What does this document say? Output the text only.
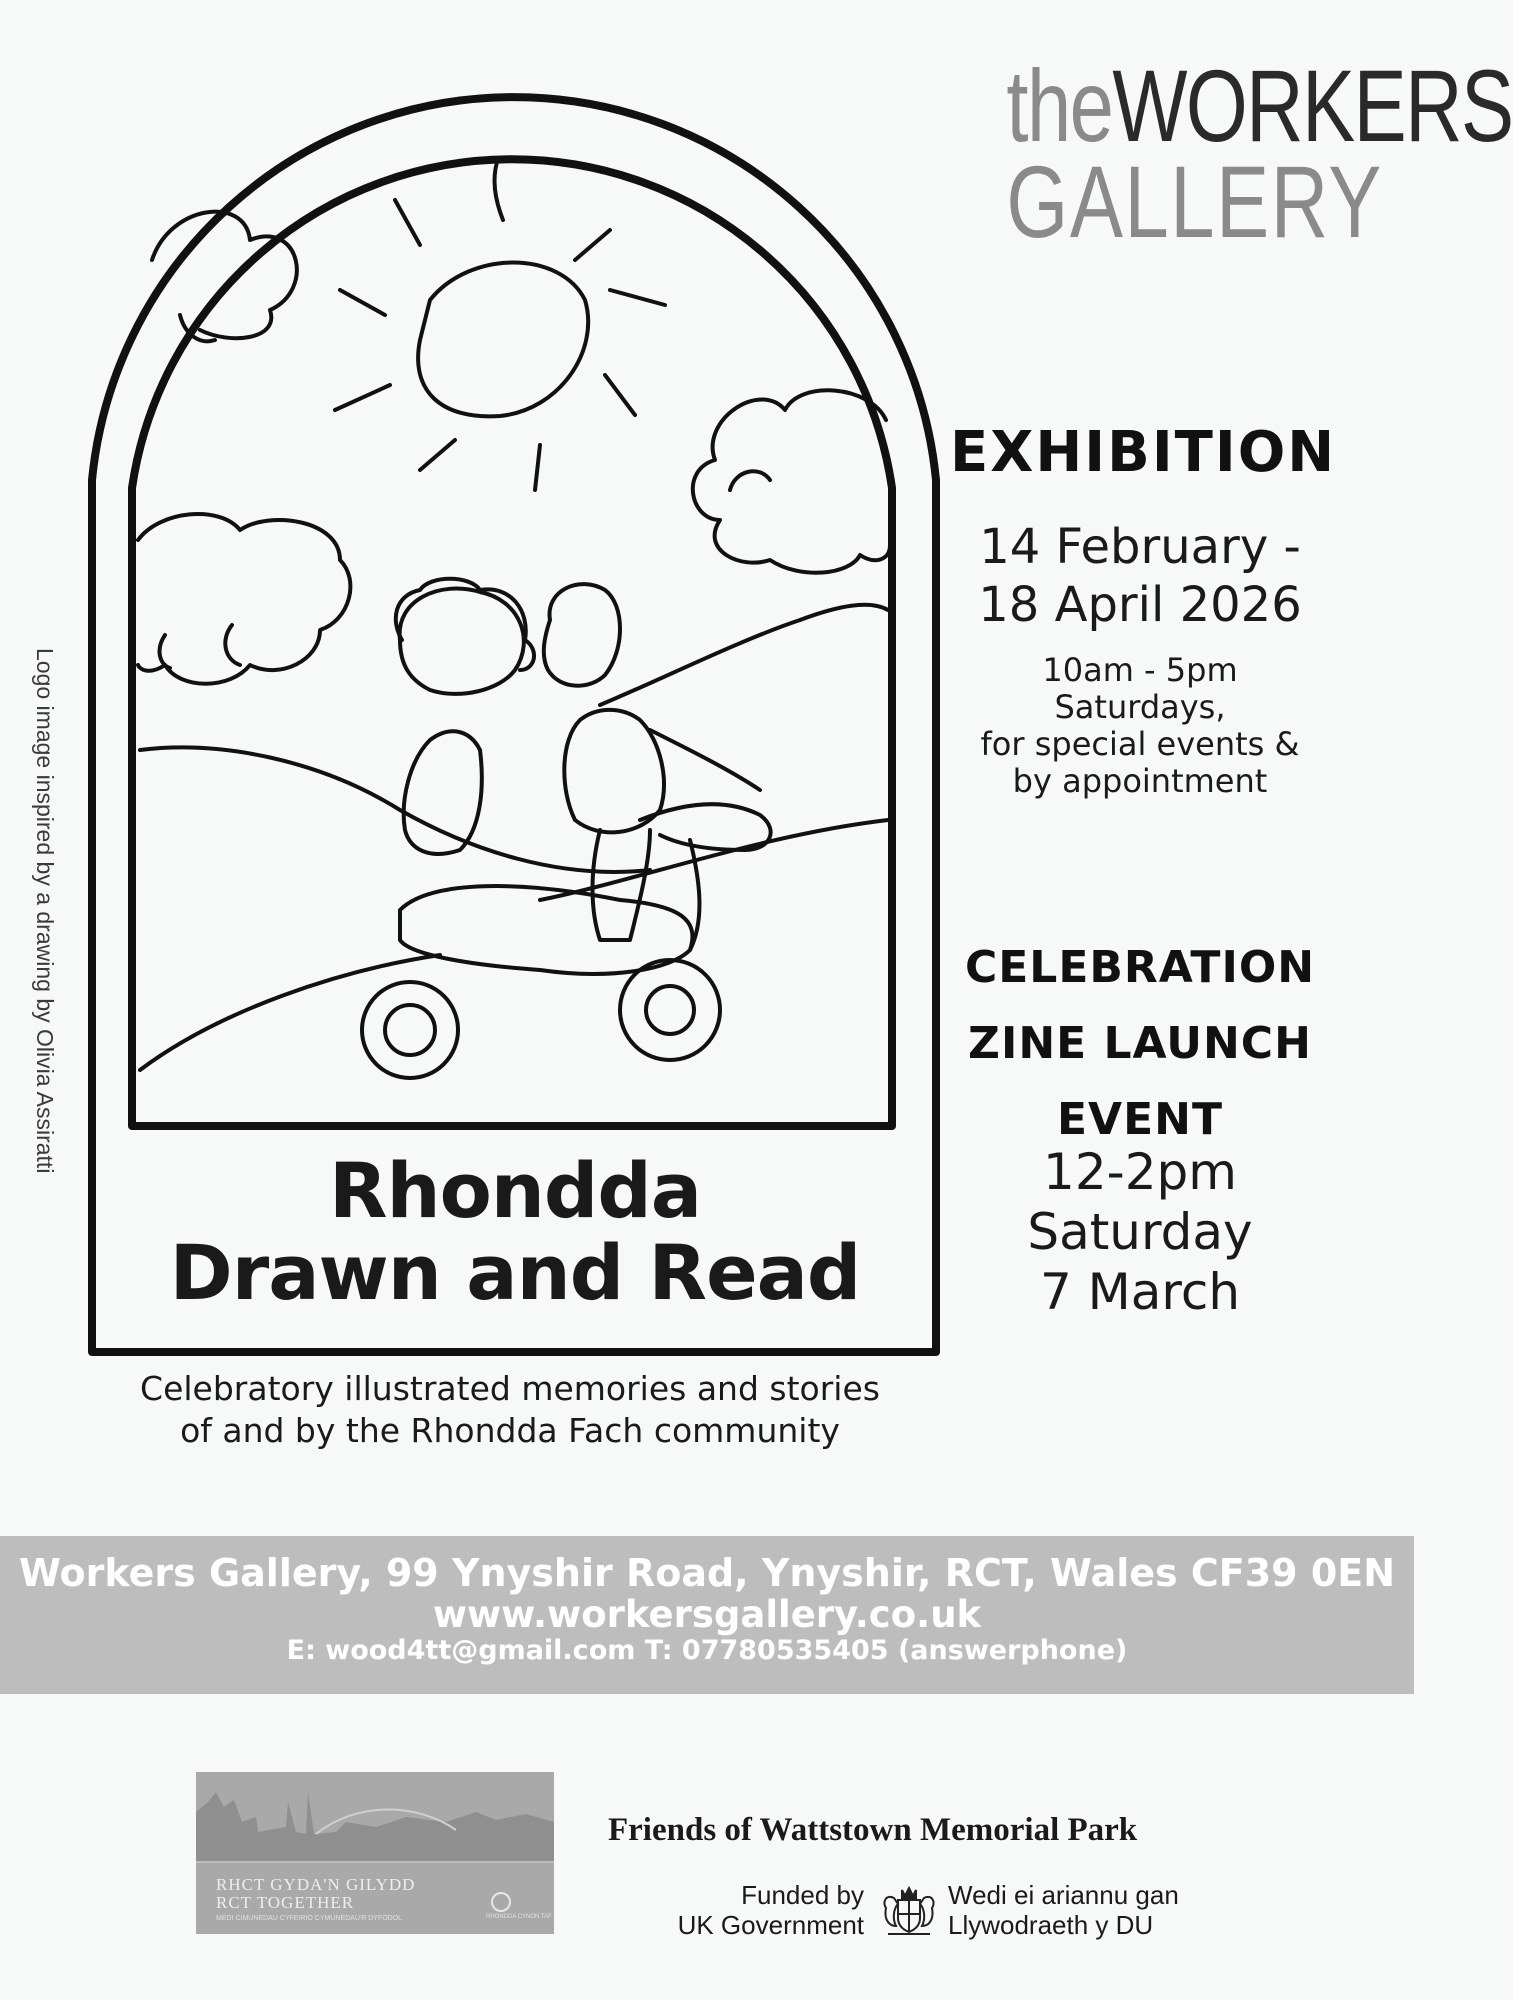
theWORKERS
GALLERY
Rhondda
Drawn and Read
Celebratory illustrated memories and stories
of and by the Rhondda Fach community
Logo image inspired by a drawing by Olivia Assiratti
EXHIBITION
14 February -
18 April 2026
10am - 5pm
Saturdays,
for special events &
by appointment
CELEBRATION
ZINE LAUNCH
EVENT
12-2pm
Saturday
7 March
Workers Gallery, 99 Ynyshir Road, Ynyshir, RCT, Wales CF39 0EN
www.workersgallery.co.uk
E: wood4tt@gmail.com T: 07780535405 (answerphone)
RHCT GYDA'N GILYDD
RCT TOGETHER
MEDI CIMUNEDAU CYFEIRIO CYMUNEDAU'R DYFODOL	RHONDDA CYNON TAF
Friends of Wattstown Memorial Park
Funded by
UK Government
Wedi ei ariannu gan
Llywodraeth y DU
